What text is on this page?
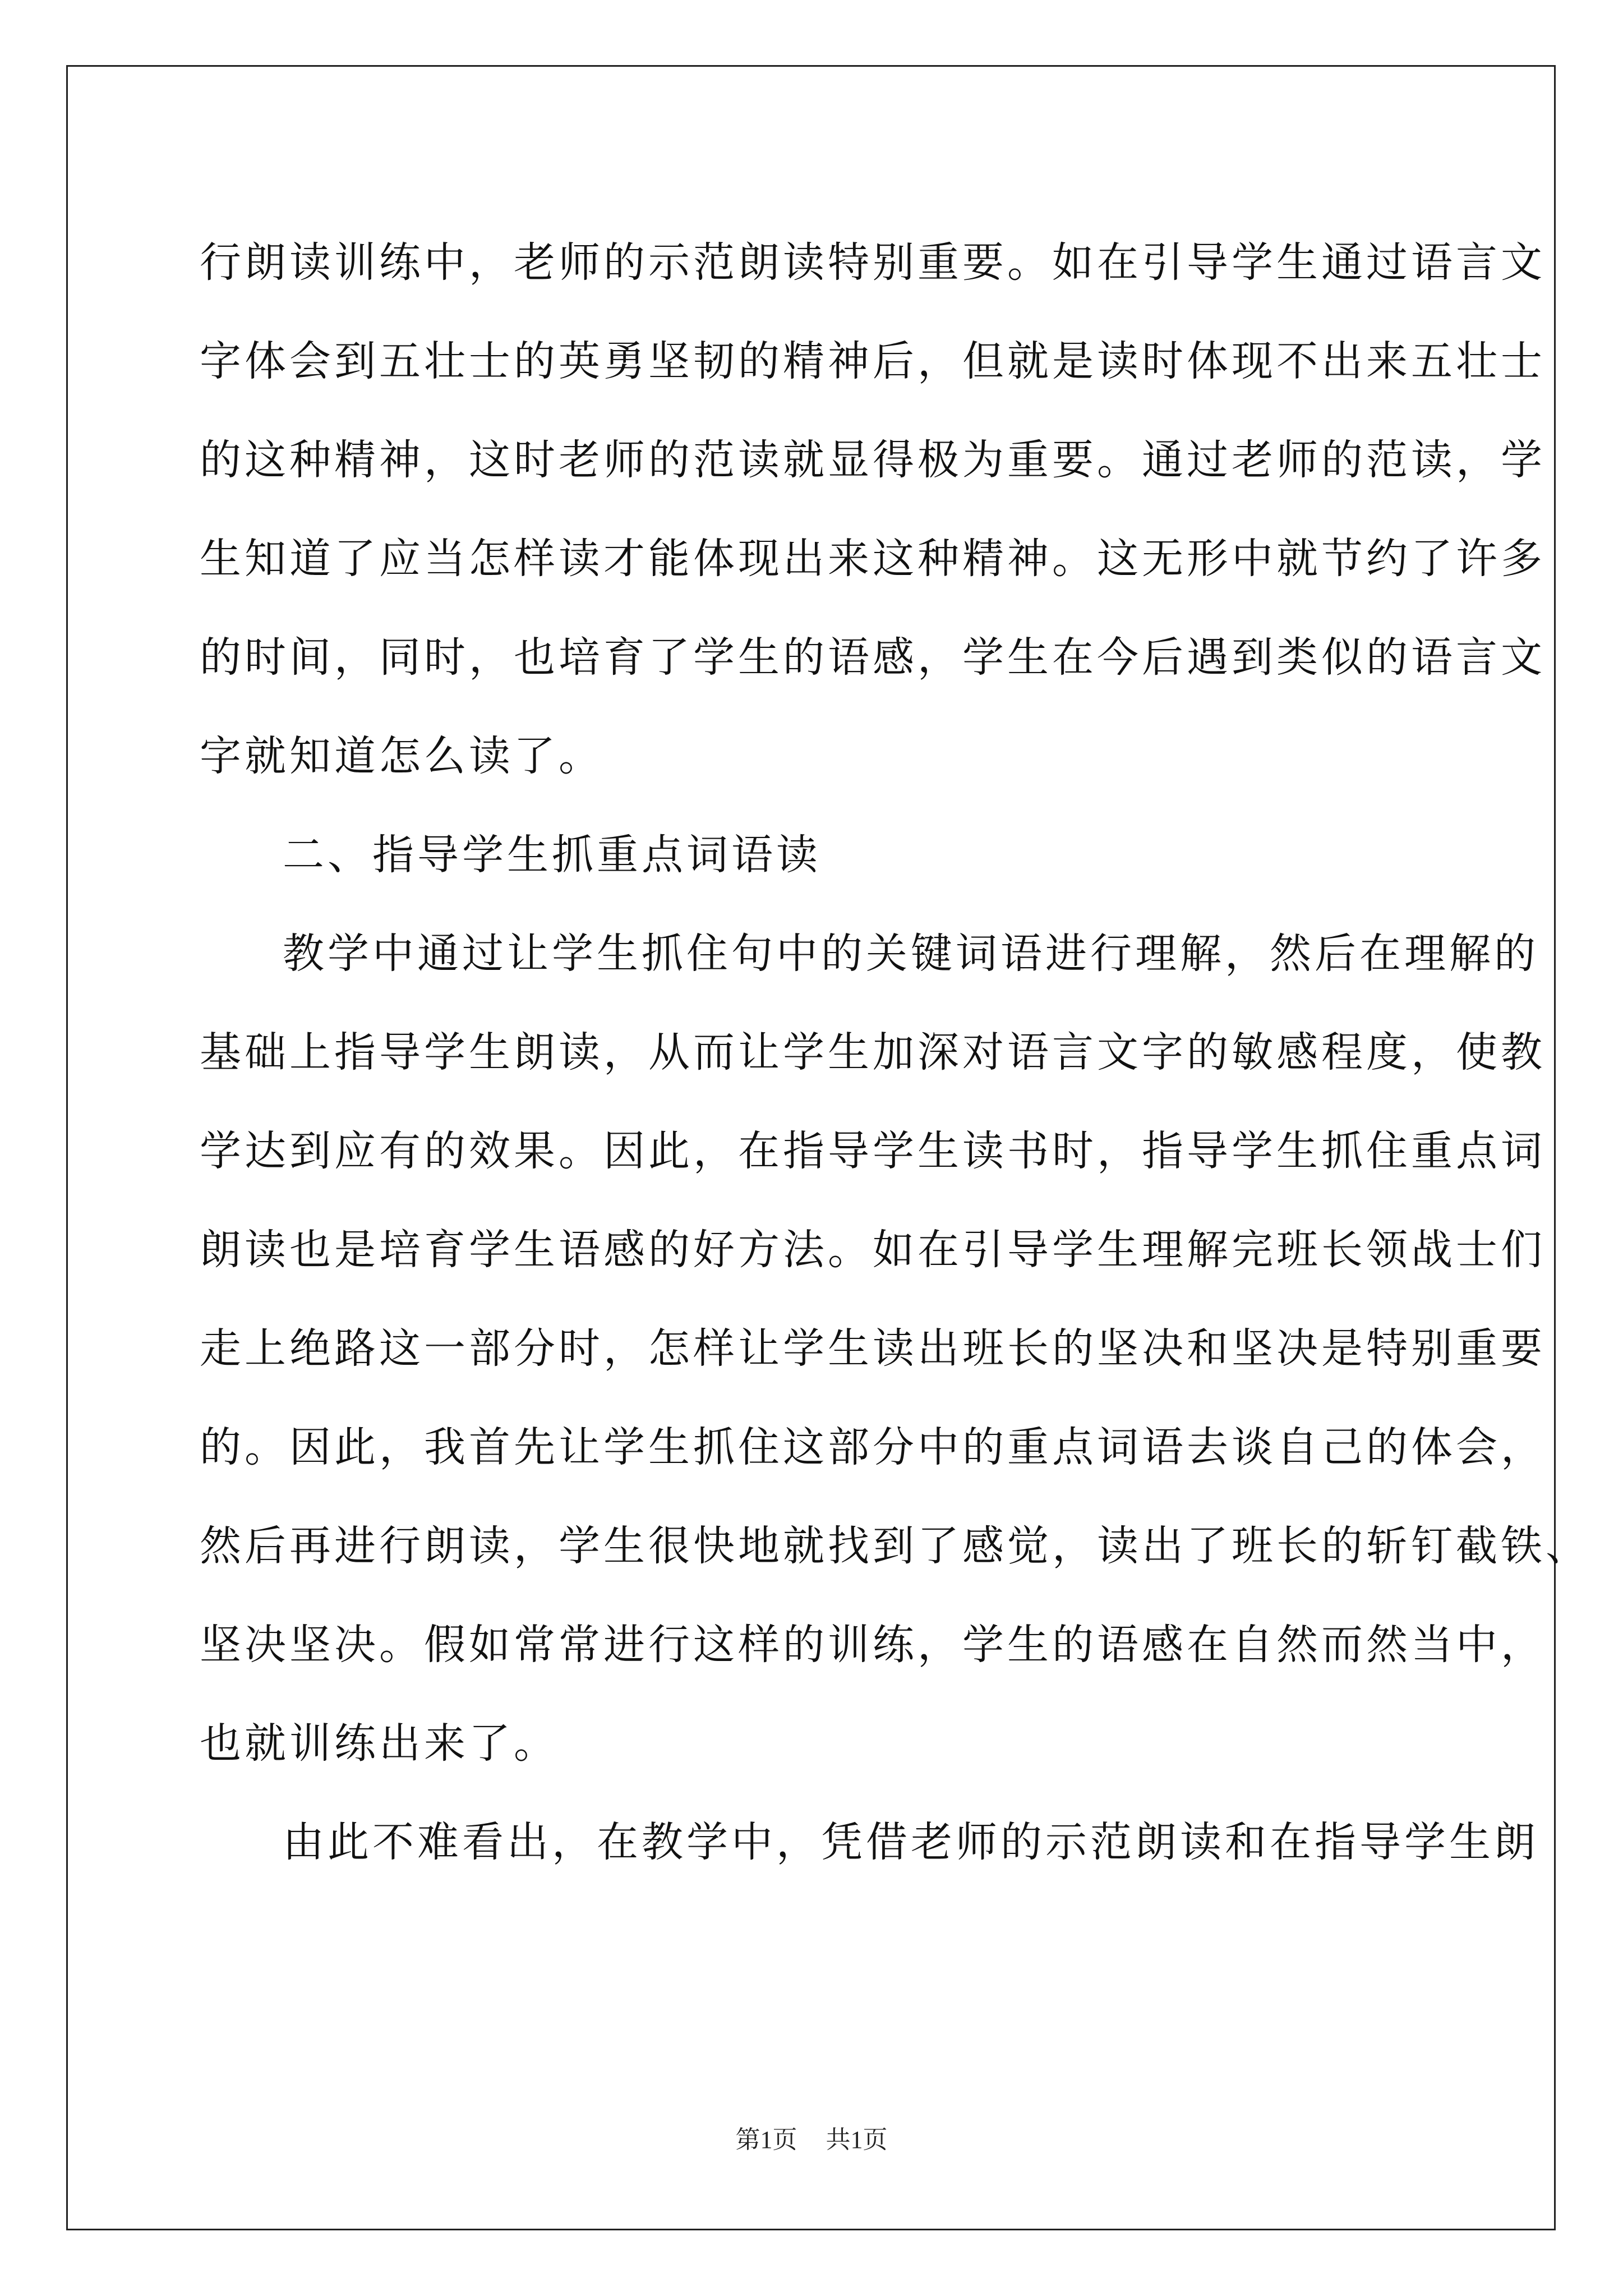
行朗读训练中，老师的示范朗读特别重要。如在引导学生通过语言文
字体会到五壮士的英勇坚韧的精神后，但就是读时体现不出来五壮士
的这种精神，这时老师的范读就显得极为重要。通过老师的范读，学
生知道了应当怎样读才能体现出来这种精神。这无形中就节约了许多
的时间，同时，也培育了学生的语感，学生在今后遇到类似的语言文
字就知道怎么读了。
二、指导学生抓重点词语读
教学中通过让学生抓住句中的关键词语进行理解，然后在理解的
基础上指导学生朗读，从而让学生加深对语言文字的敏感程度，使教
学达到应有的效果。因此，在指导学生读书时，指导学生抓住重点词
朗读也是培育学生语感的好方法。如在引导学生理解完班长领战士们
走上绝路这一部分时，怎样让学生读出班长的坚决和坚决是特别重要
的。因此，我首先让学生抓住这部分中的重点词语去谈自己的体会，
然后再进行朗读，学生很快地就找到了感觉，读出了班长的斩钉截铁、
坚决坚决。假如常常进行这样的训练，学生的语感在自然而然当中，
也就训练出来了。
由此不难看出，在教学中，凭借老师的示范朗读和在指导学生朗
第1页 共1页
